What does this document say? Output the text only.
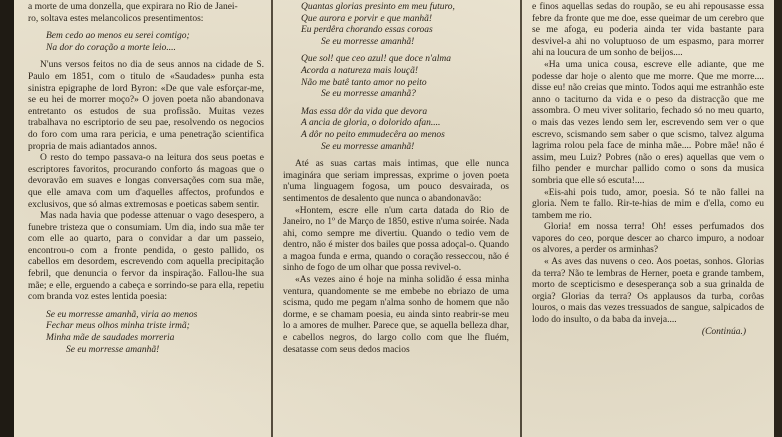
a morte de uma donzella, que expirara no Rio de Janei-
ro, soltava estes melancolicos presentimentos:
Bem cedo ao menos eu serei comtigo;
Na dor do coração a morte leio....

N'uns versos feitos no dia de seus annos na cidade de S. Paulo em 1851, com o titulo de «Saudades» punha esta sinistra epigraphe de lord Byron: «De que vale esforçar-me, se eu hei de morrer moço?» O joven poeta não abandonava entretanto os estudos de sua profissão. Muitas vezes trabalhava no escriptorio de seu pae, resolvendo os negocios do foro com uma rara pericia, e uma penetração scientifica propria de mais adiantados annos.

O resto do tempo passava-o na leitura dos seus poetas e escriptores favoritos, procurando conforto ás magoas que o devoravão em suaves e longas conversações com sua mãe, que elle amava com um d'aquelles affectos, profundos e exclusivos, que só almas extremosas e poeticas sabem sentir.

Mas nada havia que podesse attenuar o vago desespero, a funebre tristeza que o consumiam. Um dia, indo sua mãe ter com elle ao quarto, para o convidar a dar um passeio, encontrou-o com a fronte pendida, o gesto pallido, os cabellos em desordem, escrevendo com aquella precipitação febril, que denuncia o fervor da inspiração. Fallou-lhe sua mãe; e elle, erguendo a cabeça e sorrindo-se para ella, repetiu com branda voz estes lentida poesia:

Se eu morresse amanhã, viria ao menos
Fechar meus olhos minha triste irmã;
Minha mãe de saudades morreria
Se eu morresse amanhã!
Quantas glorias presinto em meu futuro,
Que aurora e porvir e que manhã!
Eu perdêra chorando essas coroas
Se eu morresse amanhã!
Que sol! que ceo azul! que doce n'alma
Acorda a natureza mais louçã!
Não me batê tanto amor no peito
Se eu morresse amanhã?
Mas essa dôr da vida que devora
A ancia de gloria, o dolorido afan....
A dôr no peito emmudecêra ao menos
Se eu morresse amanhã!

Até as suas cartas mais intimas, que elle nunca imaginára que seriam impressas, exprime o joven poeta n'uma linguagem fogosa, um pouco desvairada, os sentimentos de desalento que nunca o abandonavão:

«Hontem, escre elle n'um carta datada do Rio de Janeiro, no 1º de Março de 1850, estive n'uma soirée. Nada ahi, como sempre me divertiu. Quando o tedio vem de dentro, não é mister dos bailes que possa adoçal-o. Quando a magoa funda e erma, quando o coração resseccou, não é sinho de fogo de um olhar que possa revivel-o.

«As vezes aino é hoje na minha solidão é essa minha ventura, quandomente se me embebe no ebriazo de uma scisma, qudo me pegam n'alma sonho de homem que não dorme, e se chamam poesia, eu ainda sinto reabrir-se meu lo a amores de mulher. Parece que, se aquella belleza dhar, e cabellos negros, do largo collo com que lhe fluém, desatasse com seus dedos macios

e finos aquellas sedas do roupão, se eu ahi repousasse essa febre da fronte que me doe, esse queimar de um cerebro que se me afoga, eu poderia ainda ter vida bastante para desvivel-a ahi no voluptuoso de um espasmo, para morrer ahi na loucura de um sonho de beijos....

«Ha uma unica cousa, escreve elle adiante, que me podesse dar hoje o alento que me morre. Que me morre.... disse eu! não creias que minto. Todos aqui me estranhão este anno o taciturno da vida e o peso da distracção que me assombra. O meu viver solitario, fechado só no meu quarto, o mais das vezes lendo sem ler, escrevendo sem ver o que escrevo, scismando sem saber o que scismo, talvez alguma lagrima rolou pela face de minha mãe.... Pobre mãe! não é assim, meu Luiz? Pobres (não o eres) aquellas que vem o filho pender e murchar pallido como o sons da musica sombria que elle só escuta!....

«Eis-ahi pois tudo, amor, poesia. Só te não fallei na gloria. Nem te fallo. Rir-te-hias de mim e d'ella, como eu tambem me rio.

Gloria! em nossa terra! Oh! esses perfumados dos vapores do ceo, porque descer ao charco impuro, a nodoar os alvores, a perder os arminhas?

« As aves das nuvens o ceo. Aos poetas, sonhos. Glorias da terra? Não te lembras de Herner, poeta e grande tambem, morto de scepticismo e desesperança sob a sua grinalda de orgia? Glorias da terra? Os applausos da turba, corôas louros, o mais das vezes tressuados de sangue, salpicados de lodo do insulto, o da baba da inveja....

(Continúa.)
